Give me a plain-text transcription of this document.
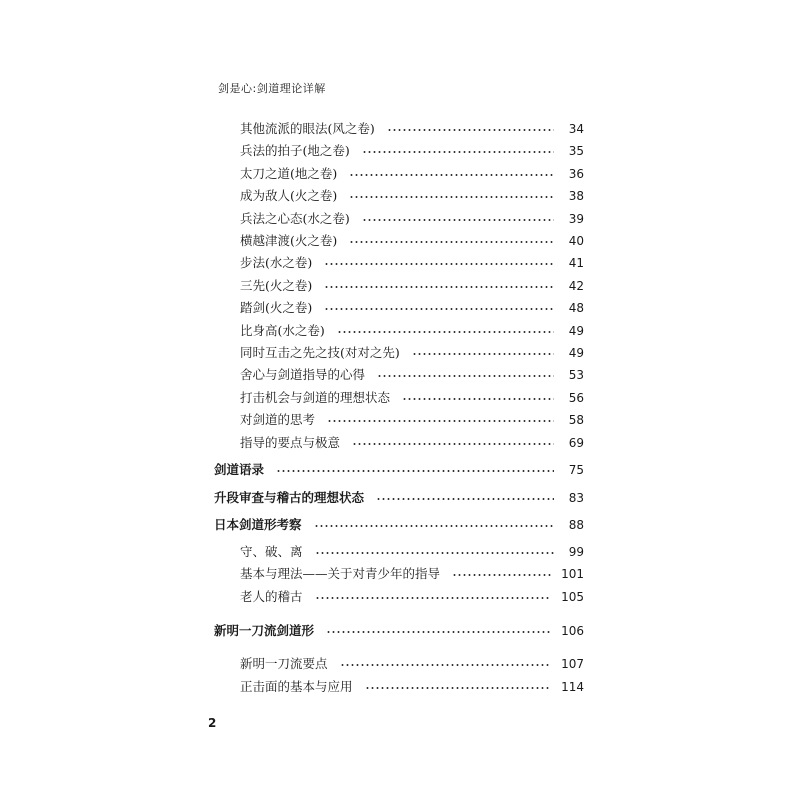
剑是心:剑道理论详解
其他流派的眼法(风之卷)	34
兵法的拍子(地之卷)	35
太刀之道(地之卷)	36
成为敌人(火之卷)	38
兵法之心态(水之卷)	39
横越津渡(火之卷)	40
步法(水之卷)	41
三先(火之卷)	42
踏剑(火之卷)	48
比身高(水之卷)	49
同时互击之先之技(对对之先)	49
舍心与剑道指导的心得	53
打击机会与剑道的理想状态	56
对剑道的思考	58
指导的要点与极意	69
剑道语录	75
升段审查与稽古的理想状态	83
日本剑道形考察	88
守、破、离	99
基本与理法——关于对青少年的指导	101
老人的稽古	105
新明一刀流剑道形	106
新明一刀流要点	107
正击面的基本与应用	114
2
